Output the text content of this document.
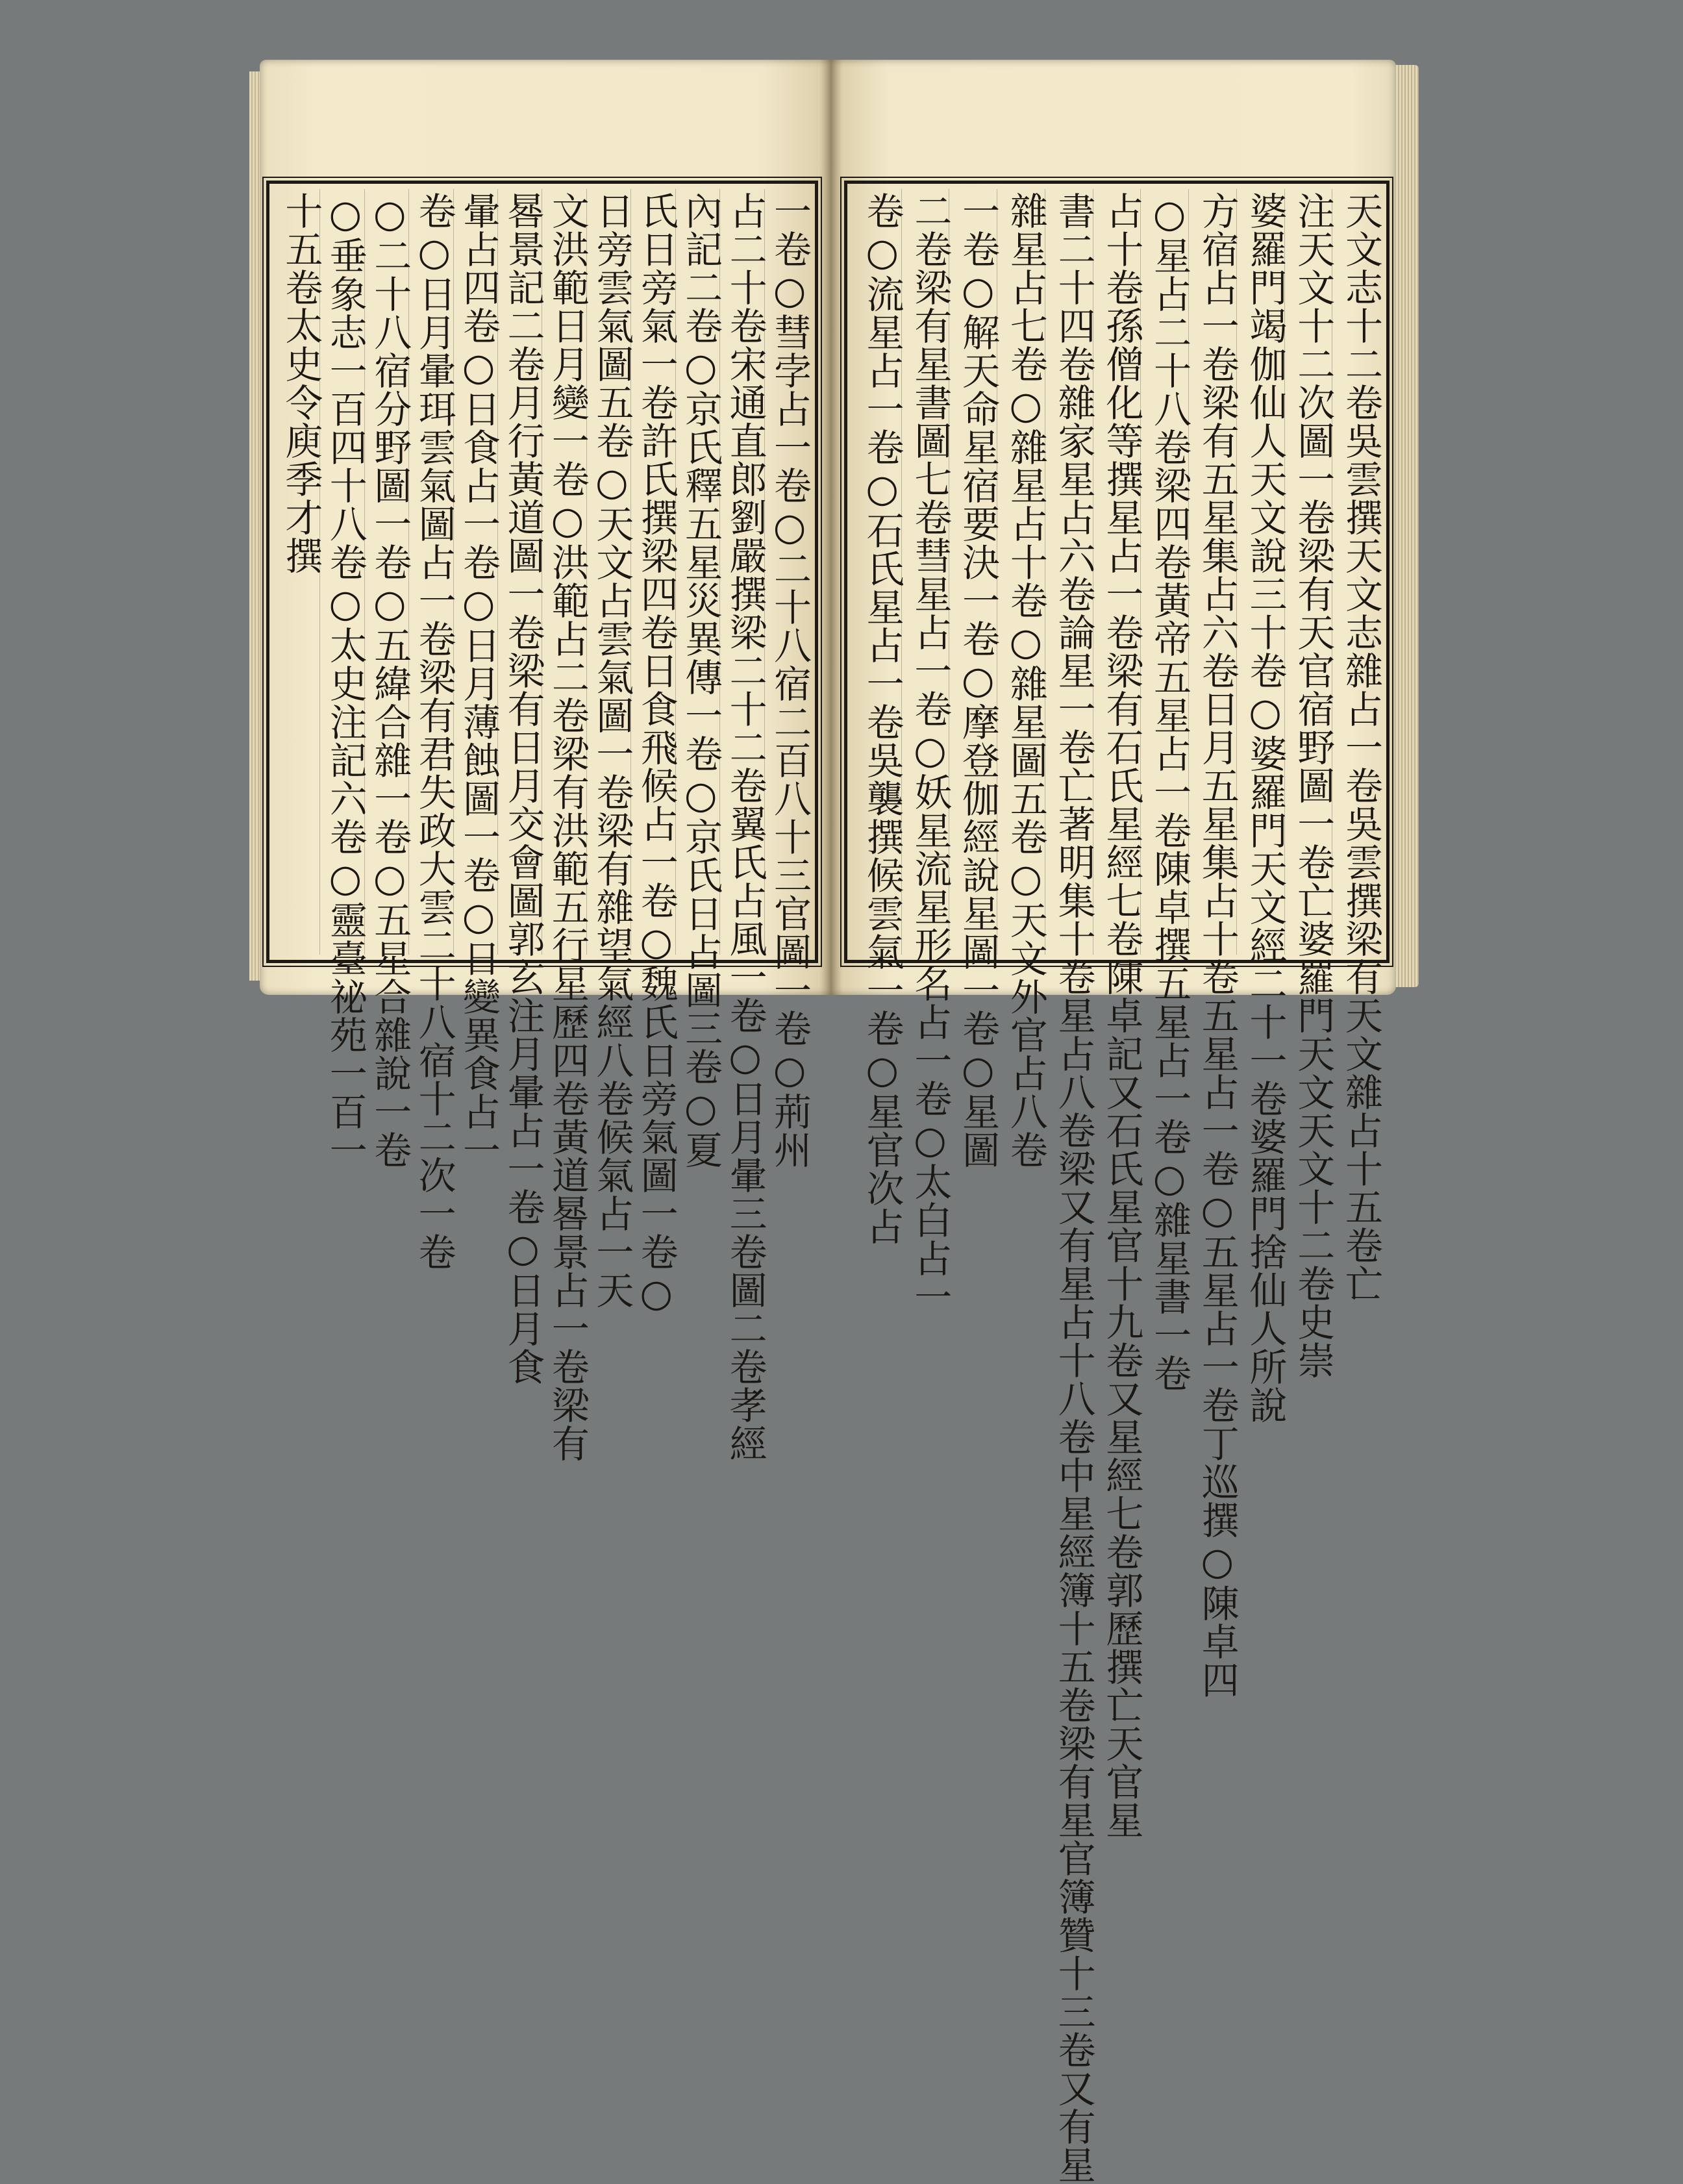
一卷○彗孛占一卷○二十八宿二百八十三官圖一卷○荊州
占二十卷宋通直郎劉嚴撰梁二十二卷翼氏占風一卷○日月暈三卷圖二卷孝經
內記二卷○京氏釋五星災異傳一卷○京氏日占圖三卷○夏
氏日旁氣一卷許氏撰梁四卷日食飛候占一卷○魏氏日旁氣圖一卷○
日旁雲氣圖五卷○天文占雲氣圖一卷梁有雜望氣經八卷候氣占一天
文洪範日月變一卷○洪範占二卷梁有洪範五行星歷四卷黃道晷景占一卷梁有
晷景記二卷月行黃道圖一卷梁有日月交會圖郭玄注月暈占一卷○日月食
暈占四卷○日食占一卷○日月薄蝕圖一卷○日變異食占一
卷○日月暈珥雲氣圖占一卷梁有君失政大雲二十八宿十二次一卷
○二十八宿分野圖一卷○五緯合雜一卷○五星合雜說一卷
○垂象志一百四十八卷○太史注記六卷○靈臺祕苑一百一
十五卷太史令庾季才撰	天文志十二卷吳雲撰天文志雜占一卷吳雲撰梁有天文雜占十五卷亡
注天文十二次圖一卷梁有天官宿野圖一卷亡婆羅門天文天文十二卷史崇
婆羅門竭伽仙人天文說三十卷○婆羅門天文經二十一卷婆羅門捨仙人所說
方宿占一卷梁有五星集占六卷日月五星集占十卷五星占一卷○五星占一卷丁巡撰○陳卓四
○星占二十八卷梁四卷黃帝五星占一卷陳卓撰五星占一卷○雜星書一卷
占十卷孫僧化等撰星占一卷梁有石氏星經七卷陳卓記又石氏星官十九卷又星經七卷郭歷撰亡天官星
書二十四卷雜家星占六卷論星一卷亡著明集十卷星占八卷梁又有星占十八卷中星經簿十五卷梁有星官簿贊十三卷又有星
雜星占七卷○雜星占十卷○雜星圖五卷○天文外官占八卷
一卷○解天命星宿要決一卷○摩登伽經說星圖一卷○星圖
二卷梁有星書圖七卷彗星占一卷○妖星流星形名占一卷○太白占一
卷○流星占一卷○石氏星占一卷吳襲撰候雲氣一卷○星官次占
